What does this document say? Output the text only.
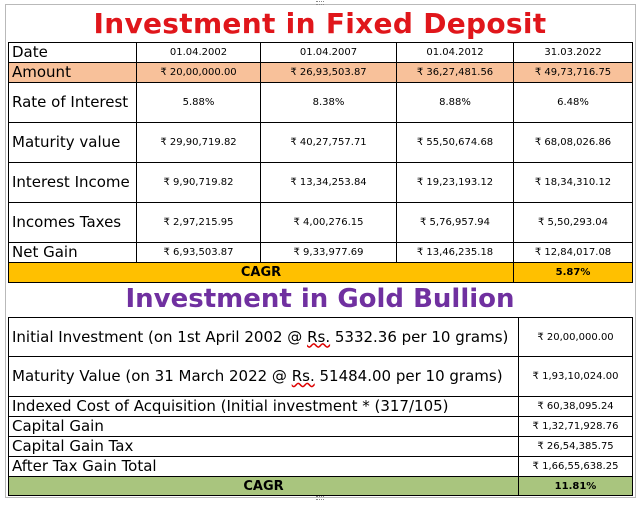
Investment in Fixed Deposit
Date	01.04.2002	01.04.2007	01.04.2012	31.03.2022
Amount	₹ 20,00,000.00	₹ 26,93,503.87	₹ 36,27,481.56	₹ 49,73,716.75
Rate of Interest	5.88%	8.38%	8.88%	6.48%
Maturity value	₹ 29,90,719.82	₹ 40,27,757.71	₹ 55,50,674.68	₹ 68,08,026.86
Interest Income	₹ 9,90,719.82	₹ 13,34,253.84	₹ 19,23,193.12	₹ 18,34,310.12
Incomes Taxes	₹ 2,97,215.95	₹ 4,00,276.15	₹ 5,76,957.94	₹ 5,50,293.04
Net Gain	₹ 6,93,503.87	₹ 9,33,977.69	₹ 13,46,235.18	₹ 12,84,017.08
CAGR				5.87%
Investment in Gold Bullion
Initial Investment (on 1st April 2002 @ Rs. 5332.36 per 10 grams)	₹ 20,00,000.00
Maturity Value (on 31 March 2022 @ Rs. 51484.00 per 10 grams)	₹ 1,93,10,024.00
Indexed Cost of Acquisition (Initial investment * (317/105)	₹ 60,38,095.24
Capital Gain	₹ 1,32,71,928.76
Capital Gain Tax	₹ 26,54,385.75
After Tax Gain Total	₹ 1,66,55,638.25
CAGR	11.81%
